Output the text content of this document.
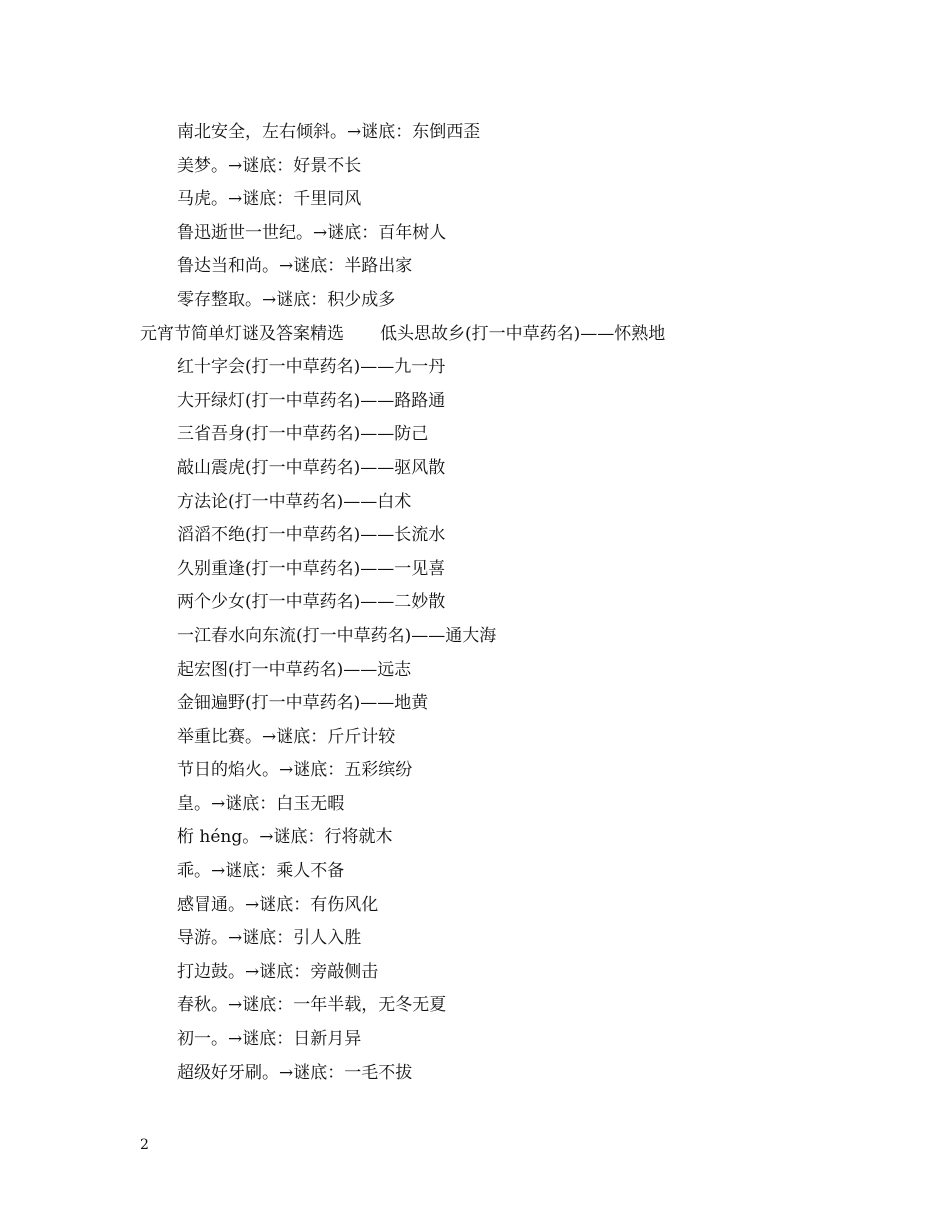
南北安全，左右倾斜。→谜底：东倒西歪
美梦。→谜底：好景不长
马虎。→谜底：千里同风
鲁迅逝世一世纪。→谜底：百年树人
鲁达当和尚。→谜底：半路出家
零存整取。→谜底：积少成多
元宵节简单灯谜及答案精选 低头思故乡(打一中草药名)——怀熟地
红十字会(打一中草药名)——九一丹
大开绿灯(打一中草药名)——路路通
三省吾身(打一中草药名)——防己
敲山震虎(打一中草药名)——驱风散
方法论(打一中草药名)——白术
滔滔不绝(打一中草药名)——长流水
久别重逢(打一中草药名)——一见喜
两个少女(打一中草药名)——二妙散
一江春水向东流(打一中草药名)——通大海
起宏图(打一中草药名)——远志
金钿遍野(打一中草药名)——地黄
举重比赛。→谜底：斤斤计较
节日的焰火。→谜底：五彩缤纷
皇。→谜底：白玉无暇
桁 héng。→谜底：行将就木
乖。→谜底：乘人不备
感冒通。→谜底：有伤风化
导游。→谜底：引人入胜
打边鼓。→谜底：旁敲侧击
春秋。→谜底：一年半载，无冬无夏
初一。→谜底：日新月异
超级好牙刷。→谜底：一毛不拔
2
